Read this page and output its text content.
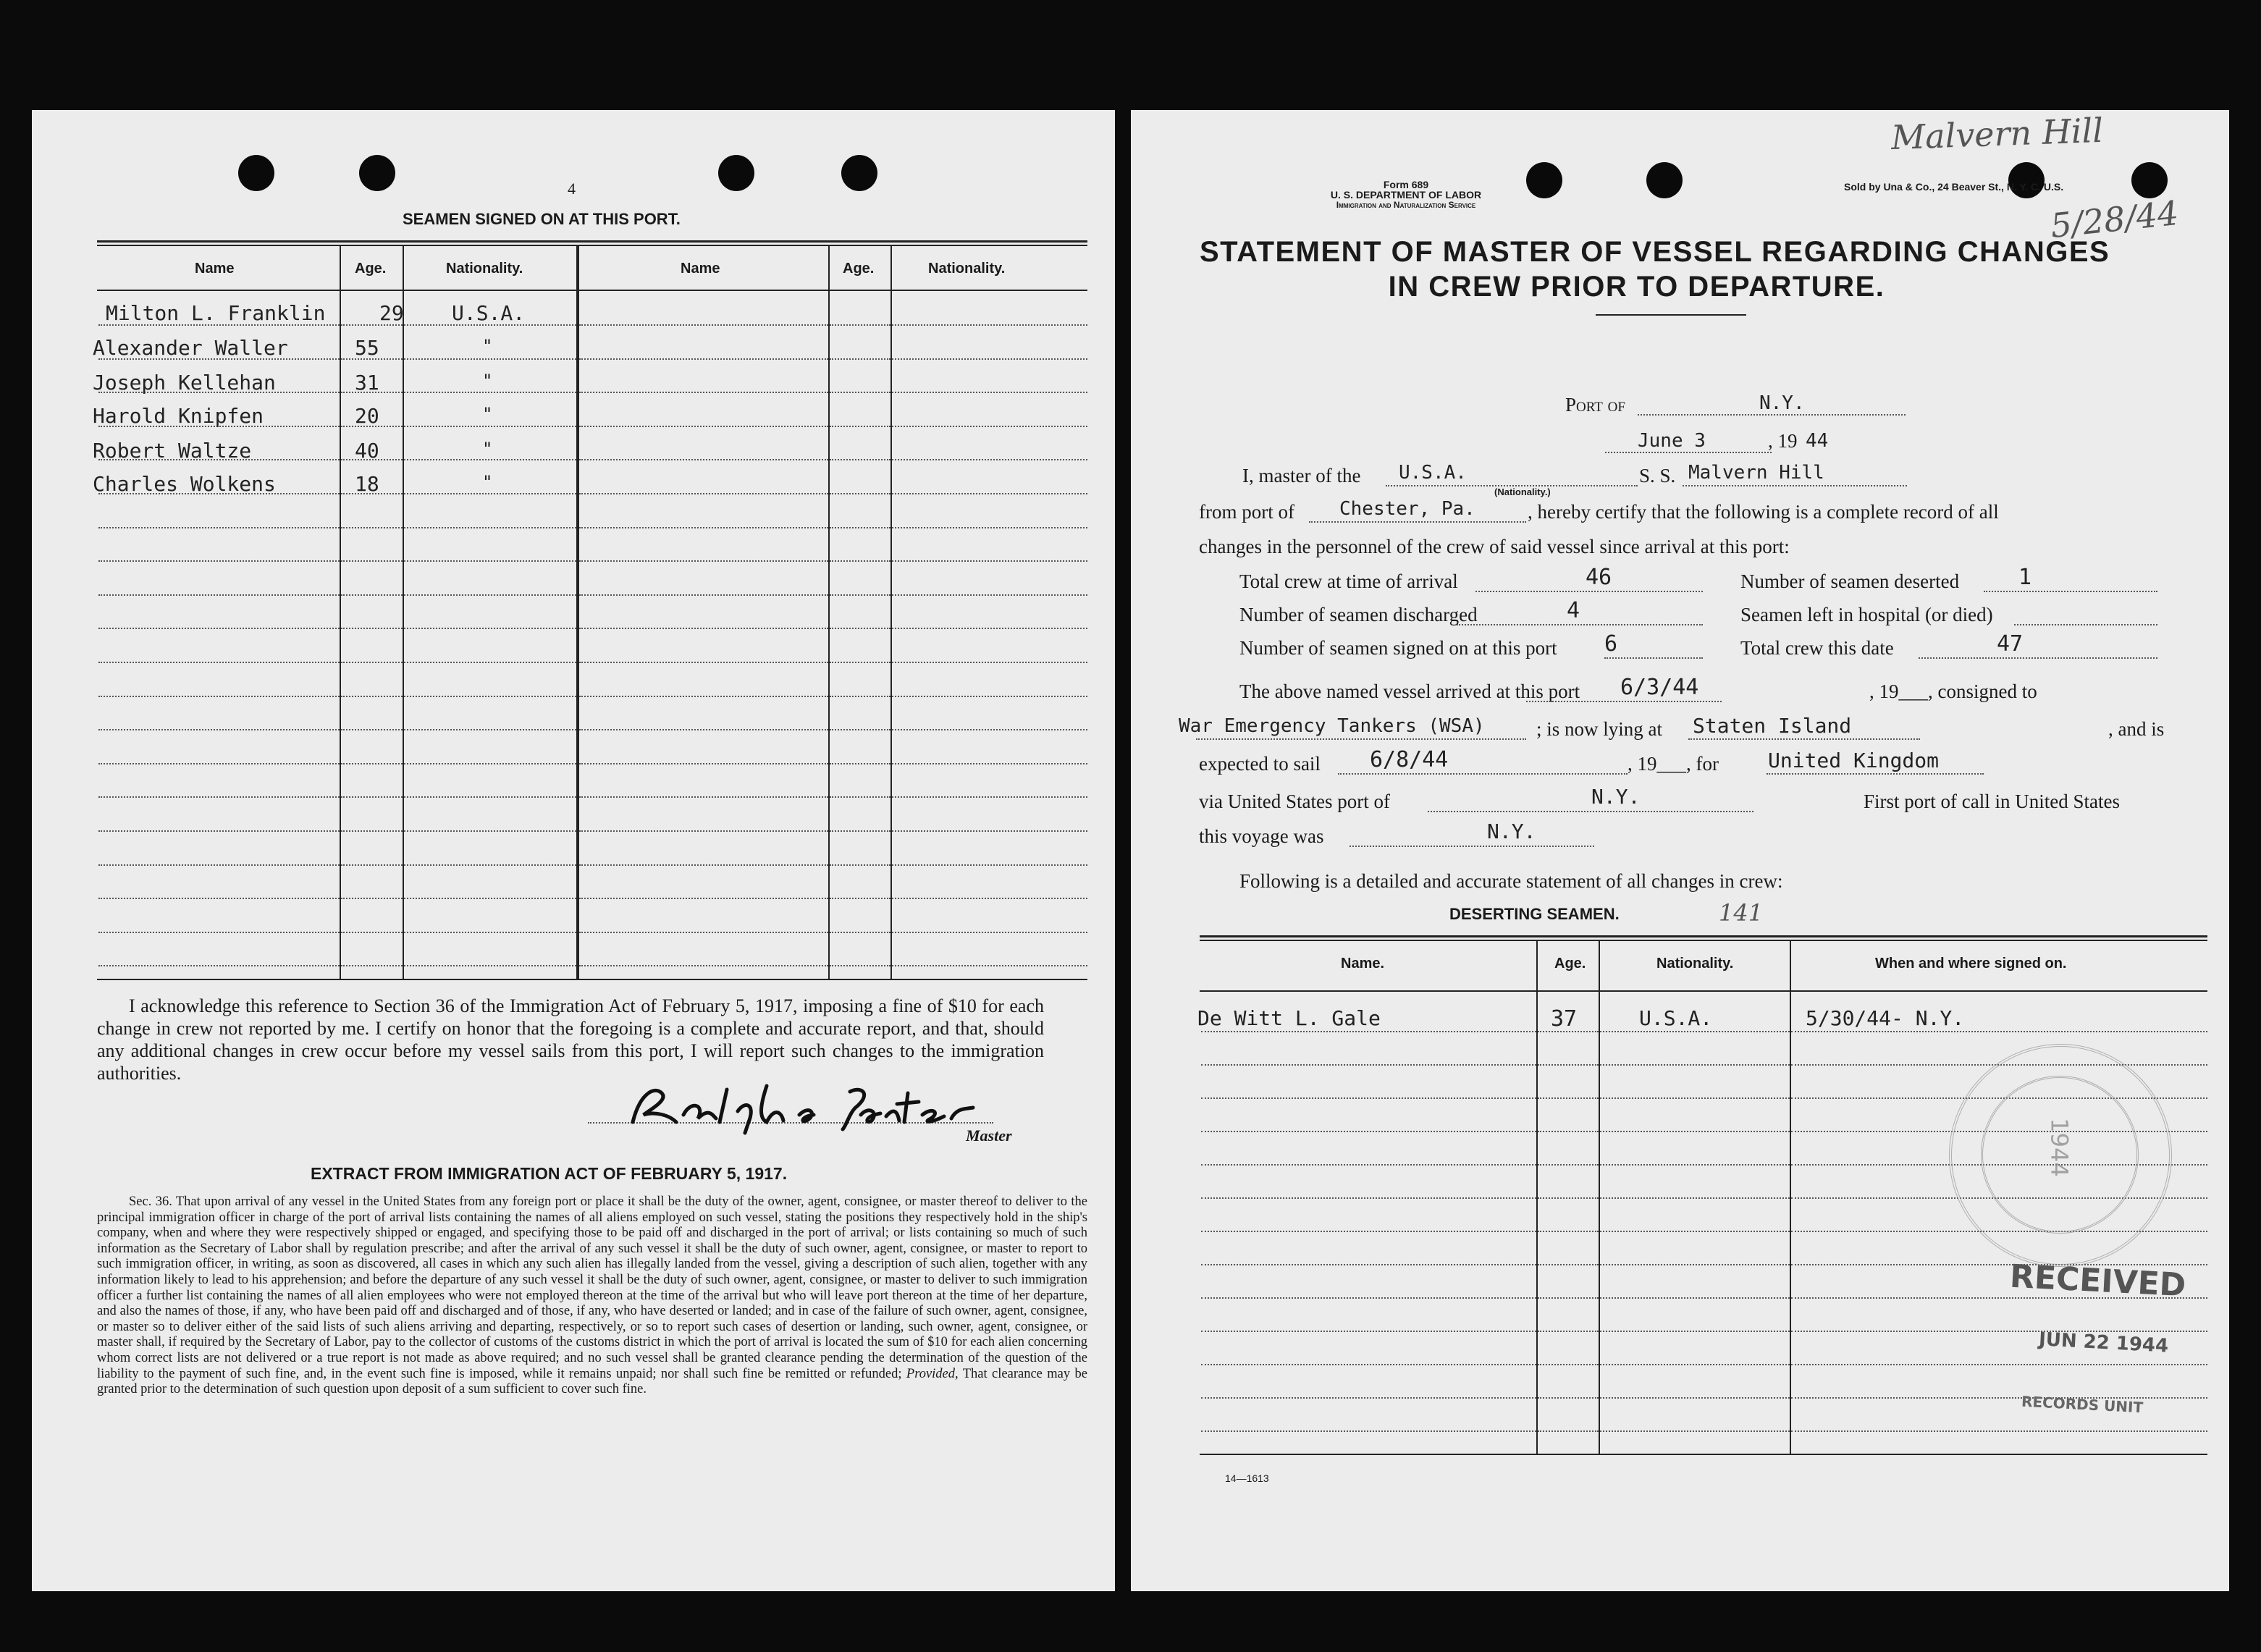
4
SEAMEN SIGNED ON AT THIS PORT.
Name	Age.	Nationality.	Name	Age.	Nationality.
Milton L. Franklin	29 U.S.A.
Alexander Waller	55	"
Joseph Kellehan	31	"
Harold Knipfen	20	"
Robert Waltze	40	"
Charles Wolkens	18	"

I acknowledge this reference to Section 36 of the Immigration Act of February 5, 1917, imposing a fine of $10 for each change in crew not reported by me. I certify on honor that the foregoing is a complete and accurate report, and that, should any additional changes in crew occur before my vessel sails from this port, I will report such changes to the immigration authorities.

Master
EXTRACT FROM IMMIGRATION ACT OF FEBRUARY 5, 1917.
Sec. 36. That upon arrival of any vessel in the United States from any foreign port or place it shall be the duty of the owner, agent, consignee, or master thereof to deliver to the principal immigration officer in charge of the port of arrival lists containing the names of all aliens employed on such vessel, stating the positions they respectively hold in the ship's company, when and where they were respectively shipped or engaged, and specifying those to be paid off and discharged in the port of arrival; or lists containing so much of such information as the Secretary of Labor shall by regulation prescribe; and after the arrival of any such vessel it shall be the duty of such owner, agent, consignee, or master to report to such immigration officer, in writing, as soon as discovered, all cases in which any such alien has illegally landed from the vessel, giving a description of such alien, together with any information likely to lead to his apprehension; and before the departure of any such vessel it shall be the duty of such owner, agent, consignee, or master to deliver to such immigration officer a further list containing the names of all alien employees who were not employed thereon at the time of the arrival but who will leave port thereon at the time of her departure, and also the names of those, if any, who have been paid off and discharged and of those, if any, who have deserted or landed; and in case of the failure of such owner, agent, consignee, or master so to deliver either of the said lists of such aliens arriving and departing, respectively, or so to report such cases of desertion or landing, such owner, agent, consignee, or master shall, if required by the Secretary of Labor, pay to the collector of customs of the customs district in which the port of arrival is located the sum of $10 for each alien concerning whom correct lists are not delivered or a true report is not made as above required; and no such vessel shall be granted clearance pending the determination of the question of the liability to the payment of such fine, and, in the event such fine is imposed, while it remains unpaid; nor shall such fine be remitted or refunded; Provided, That clearance may be granted prior to the determination of such question upon deposit of a sum sufficient to cover such fine.
Form 689
U. S. DEPARTMENT OF LABOR
Immigration and Naturalization Service
Sold by Una & Co., 24 Beaver St., N. Y. C. U.S.
Malvern Hill
5/28/44
STATEMENT OF MASTER OF VESSEL REGARDING CHANGES
IN CREW PRIOR TO DEPARTURE.
Port of	N.Y.
June 3	, 19 44
I, master of the U.S.A.
(Nationality.)
S. S. Malvern Hill
from port of Chester, Pa.	, hereby certify that the following is a complete record of all
changes in the personnel of the crew of said vessel since arrival at this port:
Total crew at time of arrival	46	Number of seamen deserted	1
Number of seamen discharged	4	Seamen left in hospital (or died)
Number of seamen signed on at this port 6	Total crew this date	47
The above named vessel arrived at this port 6/3/44	, 19___, consigned to
War Emergency Tankers (WSA)	; is now lying at Staten Island	, and is
expected to sail 6/8/44	, 19___, for United Kingdom
via United States port of	N.Y.	First port of call in United States
this voyage was	N.Y.
Following is a detailed and accurate statement of all changes in crew:
DESERTING SEAMEN.	141
Name.	Age.	Nationality.	When and where signed on.
De Witt L. Gale	37	U.S.A.	5/30/44- N.Y.
1944
RECEIVED
JUN 22 1944
RECORDS UNIT
14—1613
